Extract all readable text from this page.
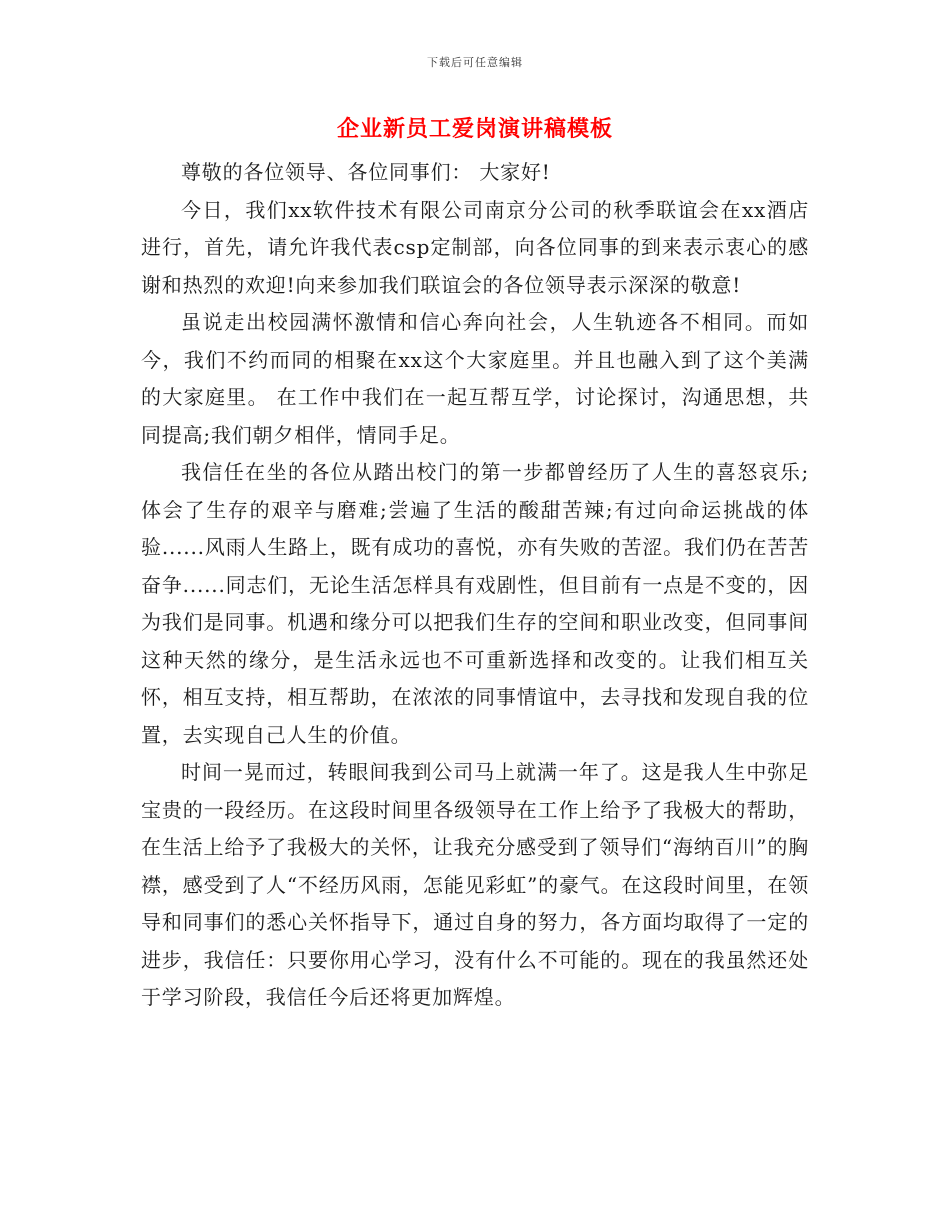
下载后可任意编辑
企业新员工爱岗演讲稿模板

尊敬的各位领导、各位同事们： 大家好!

今日，我们xx软件技术有限公司南京分公司的秋季联谊会在xx酒店进行，首先，请允许我代表csp定制部，向各位同事的到来表示衷心的感谢和热烈的欢迎!向来参加我们联谊会的各位领导表示深深的敬意!

虽说走出校园满怀激情和信心奔向社会，人生轨迹各不相同。而如今，我们不约而同的相聚在xx这个大家庭里。并且也融入到了这个美满的大家庭里。 在工作中我们在一起互帮互学，讨论探讨，沟通思想，共同提高;我们朝夕相伴，情同手足。

我信任在坐的各位从踏出校门的第一步都曾经历了人生的喜怒哀乐;体会了生存的艰辛与磨难;尝遍了生活的酸甜苦辣;有过向命运挑战的体验......风雨人生路上，既有成功的喜悦，亦有失败的苦涩。我们仍在苦苦奋争......同志们，无论生活怎样具有戏剧性，但目前有一点是不变的，因为我们是同事。机遇和缘分可以把我们生存的空间和职业改变，但同事间这种天然的缘分，是生活永远也不可重新选择和改变的。让我们相互关怀，相互支持，相互帮助，在浓浓的同事情谊中，去寻找和发现自我的位置，去实现自己人生的价值。

时间一晃而过，转眼间我到公司马上就满一年了。这是我人生中弥足宝贵的一段经历。在这段时间里各级领导在工作上给予了我极大的帮助，在生活上给予了我极大的关怀，让我充分感受到了领导们“海纳百川”的胸襟，感受到了人“不经历风雨，怎能见彩虹”的豪气。在这段时间里，在领导和同事们的悉心关怀指导下，通过自身的努力，各方面均取得了一定的进步，我信任：只要你用心学习，没有什么不可能的。现在的我虽然还处于学习阶段，我信任今后还将更加辉煌。
